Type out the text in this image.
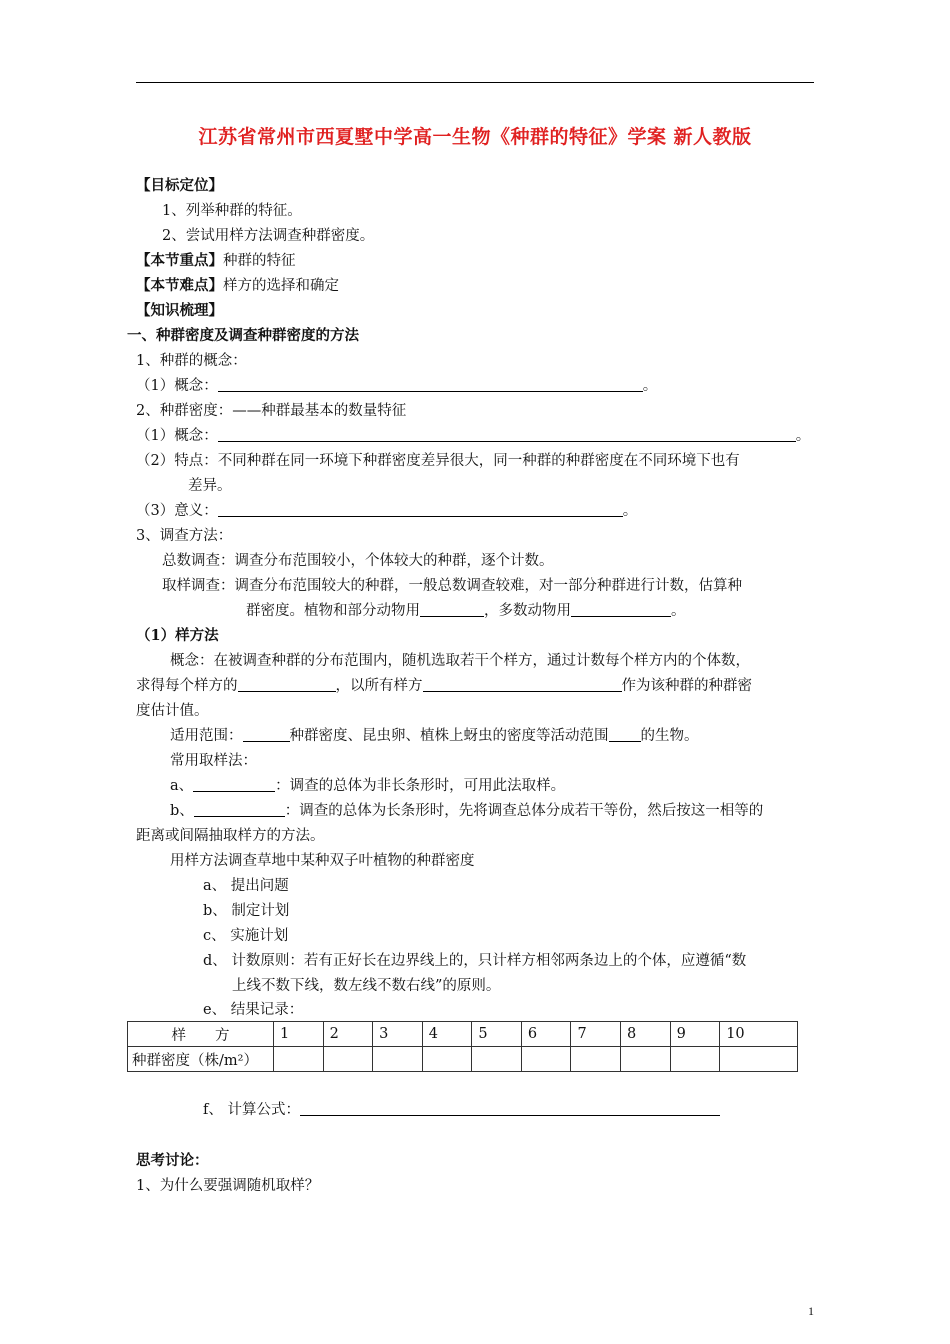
江苏省常州市西夏墅中学高一生物《种群的特征》学案 新人教版
【目标定位】
1、列举种群的特征。
2、尝试用样方法调查种群密度。
【本节重点】种群的特征
【本节难点】样方的选择和确定
【知识梳理】
一、种群密度及调查种群密度的方法
1、种群的概念：
（1）概念：	。
2、种群密度：——种群最基本的数量特征
（1）概念：	。
（2）特点：不同种群在同一环境下种群密度差异很大，同一种群的种群密度在不同环境下也有
差异。
（3）意义：	。
3、调查方法：
总数调查：调查分布范围较小，个体较大的种群，逐个计数。
取样调查：调查分布范围较大的种群，一般总数调查较难，对一部分种群进行计数，估算种
群密度。植物和部分动物用	，多数动物用	。
（1）样方法
概念：在被调查种群的分布范围内，随机选取若干个样方，通过计数每个样方内的个体数，
求得每个样方的	，以所有样方	作为该种群的种群密
度估计值。
适用范围：	种群密度、昆虫卵、植株上蚜虫的密度等活动范围 的生物。
常用取样法：
a、	：调查的总体为非长条形时，可用此法取样。
b、	：调查的总体为长条形时，先将调查总体分成若干等份，然后按这一相等的
距离或间隔抽取样方的方法。
用样方法调查草地中某种双子叶植物的种群密度
a、 提出问题
b、 制定计划
c、 实施计划
d、 计数原则：若有正好长在边界线上的，只计样方相邻两条边上的个体，应遵循“数
上线不数下线，数左线不数右线”的原则。
e、 结果记录：
样　　方	1	2	3	4	5	6	7	8	9	10
种群密度（株/m²）										
f、 计算公式：
思考讨论：
1、为什么要强调随机取样？
1
